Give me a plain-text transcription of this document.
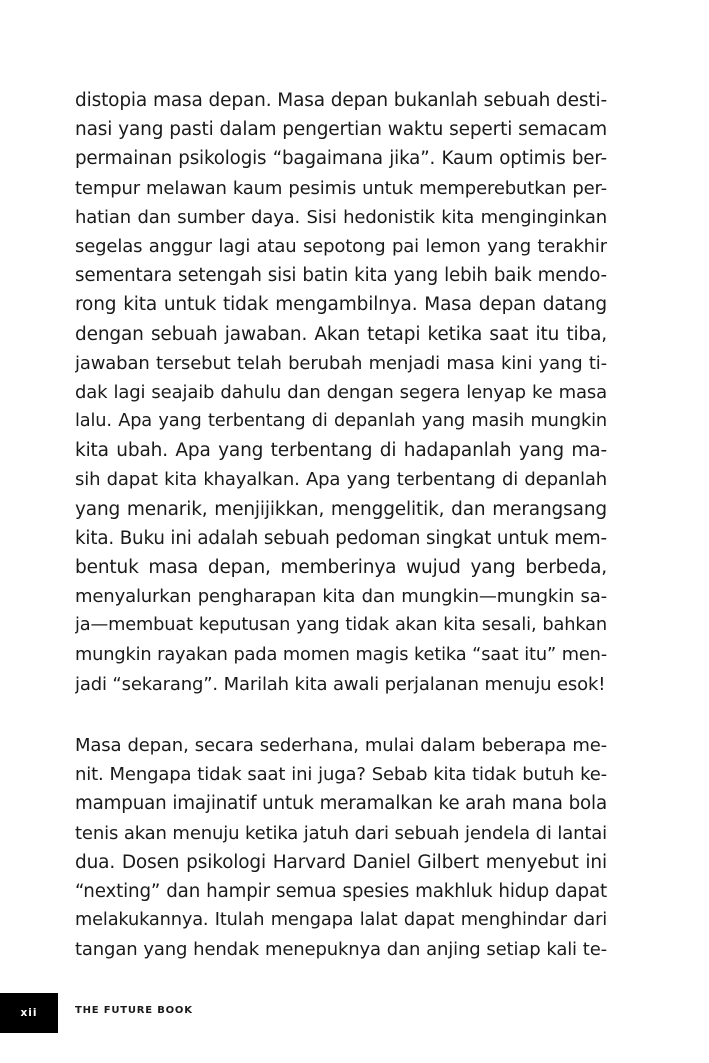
distopia masa depan. Masa depan bukanlah sebuah desti-
nasi yang pasti dalam pengertian waktu seperti semacam
permainan psikologis “bagaimana jika”. Kaum optimis ber-
tempur melawan kaum pesimis untuk memperebutkan per-
hatian dan sumber daya. Sisi hedonistik kita menginginkan
segelas anggur lagi atau sepotong pai lemon yang terakhir
sementara setengah sisi batin kita yang lebih baik mendo-
rong kita untuk tidak mengambilnya. Masa depan datang
dengan sebuah jawaban. Akan tetapi ketika saat itu tiba,
jawaban tersebut telah berubah menjadi masa kini yang ti-
dak lagi seajaib dahulu dan dengan segera lenyap ke masa
lalu. Apa yang terbentang di depanlah yang masih mungkin
kita ubah. Apa yang terbentang di hadapanlah yang ma-
sih dapat kita khayalkan. Apa yang terbentang di depanlah
yang menarik, menjijikkan, menggelitik, dan merangsang
kita. Buku ini adalah sebuah pedoman singkat untuk mem-
bentuk masa depan, memberinya wujud yang berbeda,
menyalurkan pengharapan kita dan mungkin—mungkin sa-
ja—membuat keputusan yang tidak akan kita sesali, bahkan
mungkin rayakan pada momen magis ketika “saat itu” men-
jadi “sekarang”. Marilah kita awali perjalanan menuju esok!
Masa depan, secara sederhana, mulai dalam beberapa me-
nit. Mengapa tidak saat ini juga? Sebab kita tidak butuh ke-
mampuan imajinatif untuk meramalkan ke arah mana bola
tenis akan menuju ketika jatuh dari sebuah jendela di lantai
dua. Dosen psikologi Harvard Daniel Gilbert menyebut ini
“nexting” dan hampir semua spesies makhluk hidup dapat
melakukannya. Itulah mengapa lalat dapat menghindar dari
tangan yang hendak menepuknya dan anjing setiap kali te-
xii	THE FUTURE BOOK
